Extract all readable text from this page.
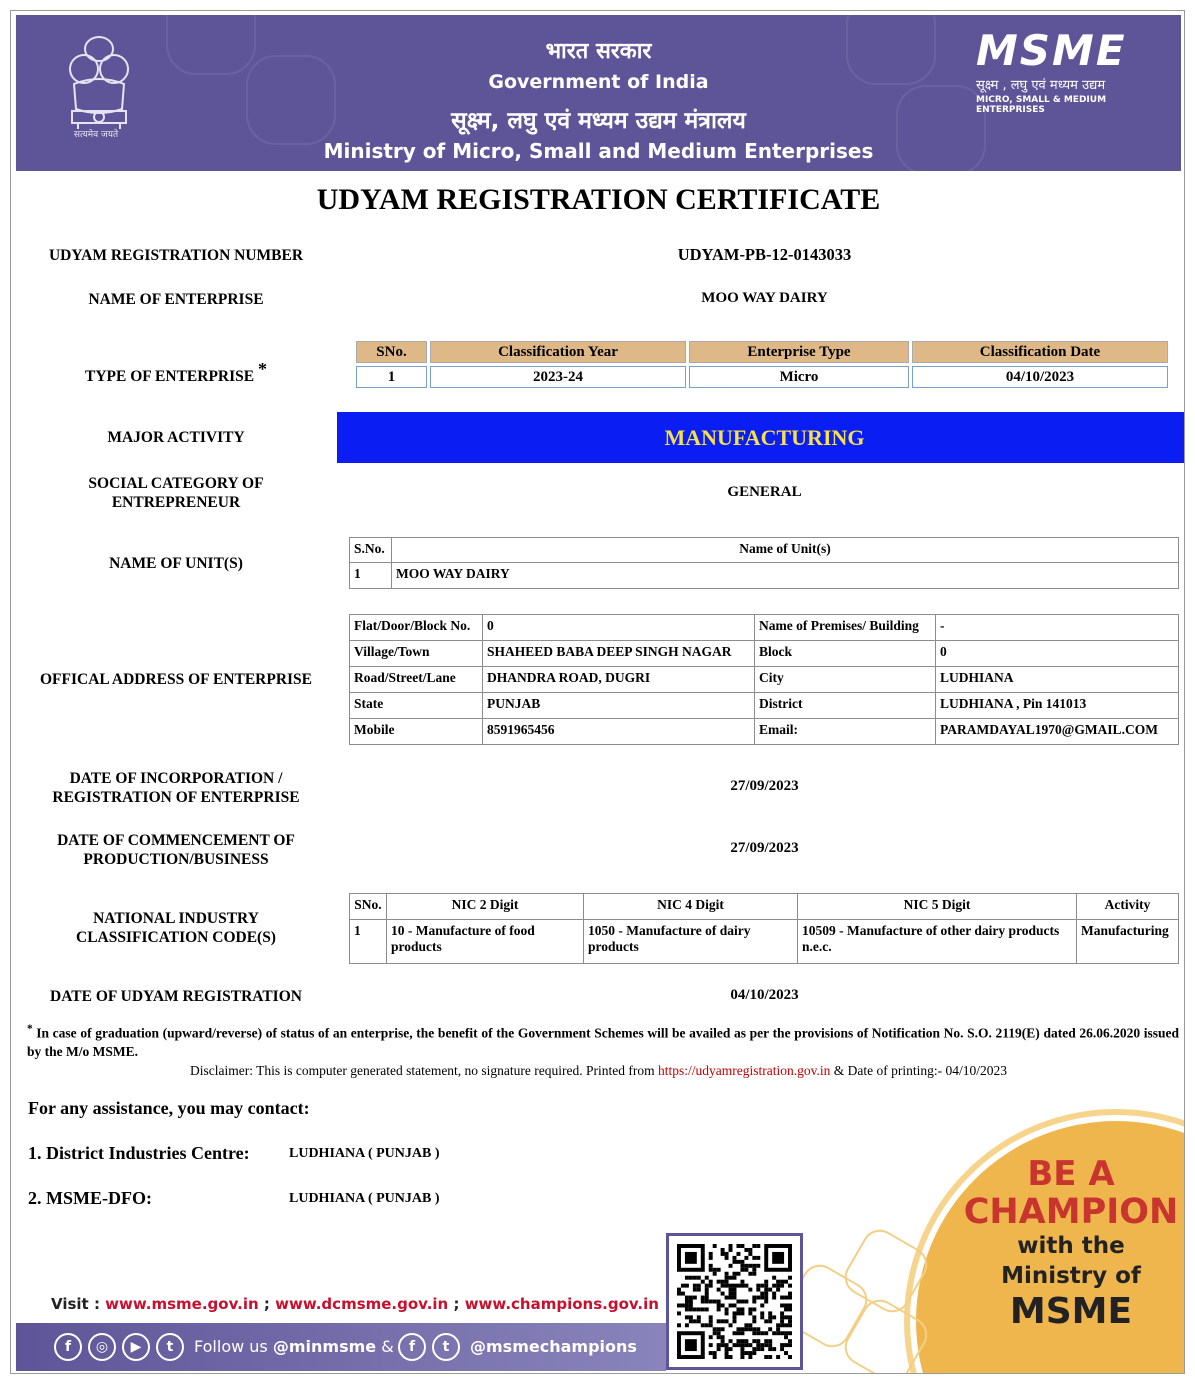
सत्यमेव जयते
भारत सरकार
Government of India
सूक्ष्म, लघु एवं मध्यम उद्यम मंत्रालय
Ministry of Micro, Small and Medium Enterprises
MSME
सूक्ष्म , लघु एवं मध्यम उद्यम
MICRO, SMALL & MEDIUM ENTERPRISES
UDYAM REGISTRATION CERTIFICATE
UDYAM REGISTRATION NUMBER	UDYAM-PB-12-0143033
NAME OF ENTERPRISE	MOO WAY DAIRY
TYPE OF ENTERPRISE *
SNo.	Classification Year	Enterprise Type	Classification Date
1	2023-24	Micro	04/10/2023
MAJOR ACTIVITY	MANUFACTURING
SOCIAL CATEGORY OF
ENTREPRENEUR
GENERAL
NAME OF UNIT(S)
S.No.	Name of Unit(s)
1	MOO WAY DAIRY
OFFICAL ADDRESS OF ENTERPRISE
Flat/Door/Block No.	0	Name of Premises/ Building	-
Village/Town	SHAHEED BABA DEEP SINGH NAGAR	Block	0
Road/Street/Lane	DHANDRA ROAD, DUGRI	City	LUDHIANA
State	PUNJAB	District	LUDHIANA , Pin 141013
Mobile	8591965456	Email:	PARAMDAYAL1970@GMAIL.COM
DATE OF INCORPORATION /
REGISTRATION OF ENTERPRISE
27/09/2023
DATE OF COMMENCEMENT OF
PRODUCTION/BUSINESS
27/09/2023
NATIONAL INDUSTRY
CLASSIFICATION CODE(S)
SNo.	NIC 2 Digit	NIC 4 Digit	NIC 5 Digit	Activity
1	10 - Manufacture of food products	1050 - Manufacture of dairy products	10509 - Manufacture of other dairy products n.e.c.	Manufacturing
DATE OF UDYAM REGISTRATION	04/10/2023
* In case of graduation (upward/reverse) of status of an enterprise, the benefit of the Government Schemes will be availed as per the provisions of Notification No. S.O. 2119(E) dated 26.06.2020 issued by the M/o MSME.
Disclaimer: This is computer generated statement, no signature required. Printed from https://udyamregistration.gov.in & Date of printing:- 04/10/2023
For any assistance, you may contact:
1. District Industries Centre:	LUDHIANA ( PUNJAB )
2. MSME-DFO:	LUDHIANA ( PUNJAB )
BE A
CHAMPION
with the
Ministry of
MSME
Visit : www.msme.gov.in ; www.dcmsme.gov.in ; www.champions.gov.in
f	◎	▶	t	Follow us @minmsme &	f	t	@msmechampions
